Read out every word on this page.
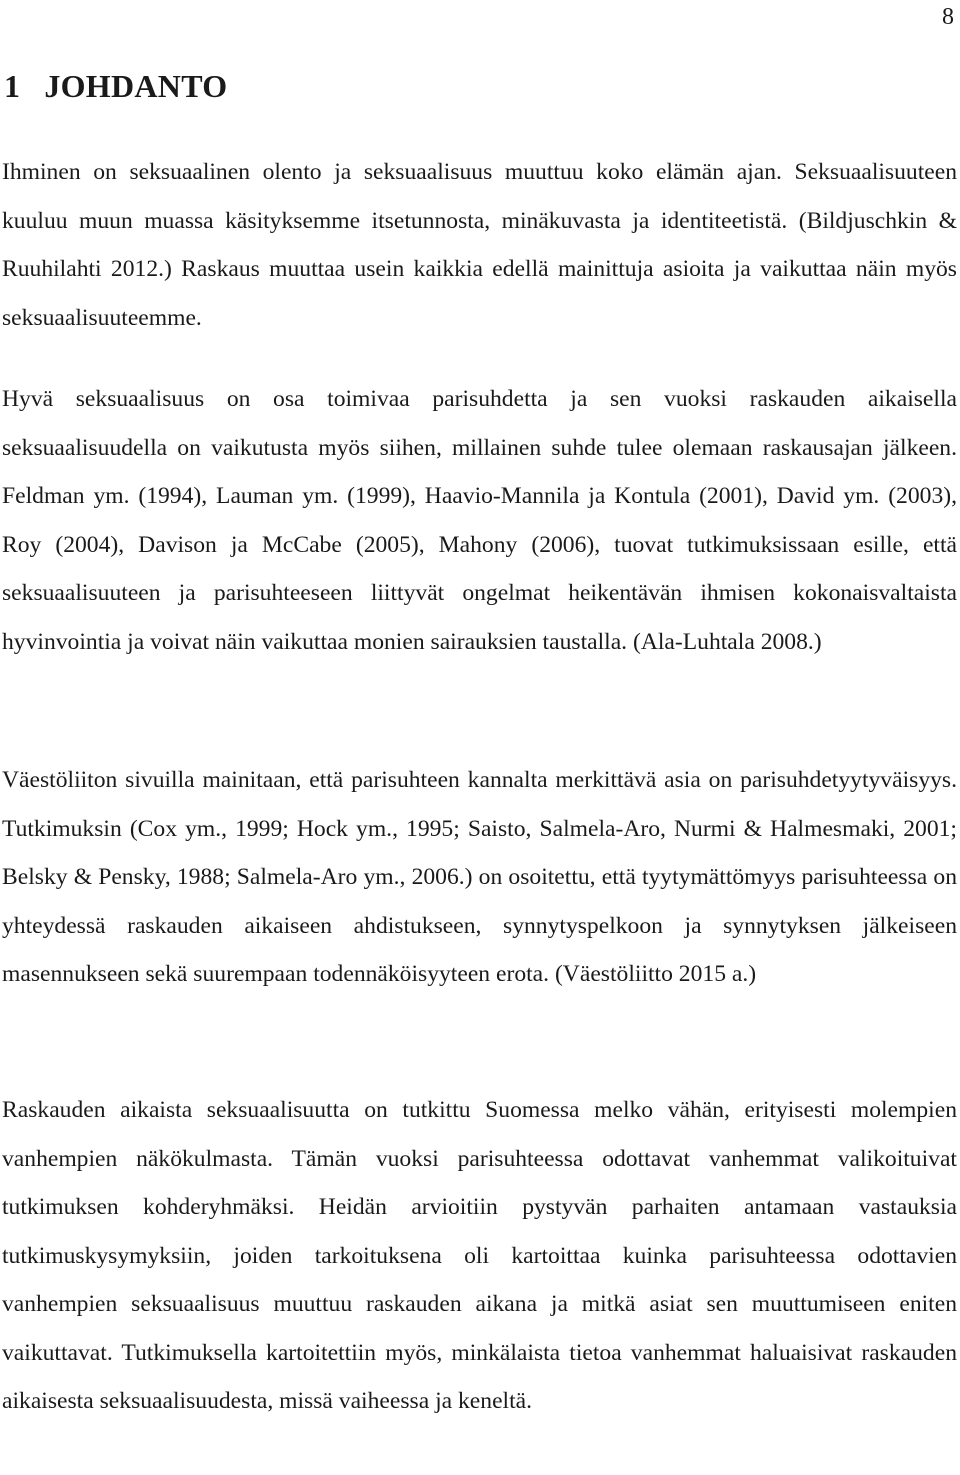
8
1 JOHDANTO

Ihminen on seksuaalinen olento ja seksuaalisuus muuttuu koko elämän ajan. Seksuaalisuuteen kuuluu muun muassa käsityksemme itsetunnosta, minäkuvasta ja identiteetistä. (Bildjuschkin & Ruuhilahti 2012.) Raskaus muuttaa usein kaikkia edellä mainittuja asioita ja vaikuttaa näin myös seksuaalisuuteemme.

Hyvä seksuaalisuus on osa toimivaa parisuhdetta ja sen vuoksi raskauden aikaisella seksuaalisuudella on vaikutusta myös siihen, millainen suhde tulee olemaan raskausajan jälkeen. Feldman ym. (1994), Lauman ym. (1999), Haavio-Mannila ja Kontula (2001), David ym. (2003), Roy (2004), Davison ja McCabe (2005), Mahony (2006), tuovat tutkimuksissaan esille, että seksuaalisuuteen ja parisuhteeseen liittyvät ongelmat heikentävän ihmisen kokonaisvaltaista hyvinvointia ja voivat näin vaikuttaa monien sairauksien taustalla. (Ala-Luhtala 2008.)

Väestöliiton sivuilla mainitaan, että parisuhteen kannalta merkittävä asia on parisuhdetyytyväisyys. Tutkimuksin (Cox ym., 1999; Hock ym., 1995; Saisto, Salmela-Aro, Nurmi & Halmesmaki, 2001; Belsky & Pensky, 1988; Salmela-Aro ym., 2006.) on osoitettu, että tyytymättömyys parisuhteessa on yhteydessä raskauden aikaiseen ahdistukseen, synnytyspelkoon ja synnytyksen jälkeiseen masennukseen sekä suurempaan todennäköisyyteen erota. (Väestöliitto 2015 a.)

Raskauden aikaista seksuaalisuutta on tutkittu Suomessa melko vähän, erityisesti molempien vanhempien näkökulmasta. Tämän vuoksi parisuhteessa odottavat vanhemmat valikoituivat tutkimuksen kohderyhmäksi. Heidän arvioitiin pystyvän parhaiten antamaan vastauksia tutkimuskysymyksiin, joiden tarkoituksena oli kartoittaa kuinka parisuhteessa odottavien vanhempien seksuaalisuus muuttuu raskauden aikana ja mitkä asiat sen muuttumiseen eniten vaikuttavat. Tutkimuksella kartoitettiin myös, minkälaista tietoa vanhemmat haluaisivat raskauden aikaisesta seksuaalisuudesta, missä vaiheessa ja keneltä.
